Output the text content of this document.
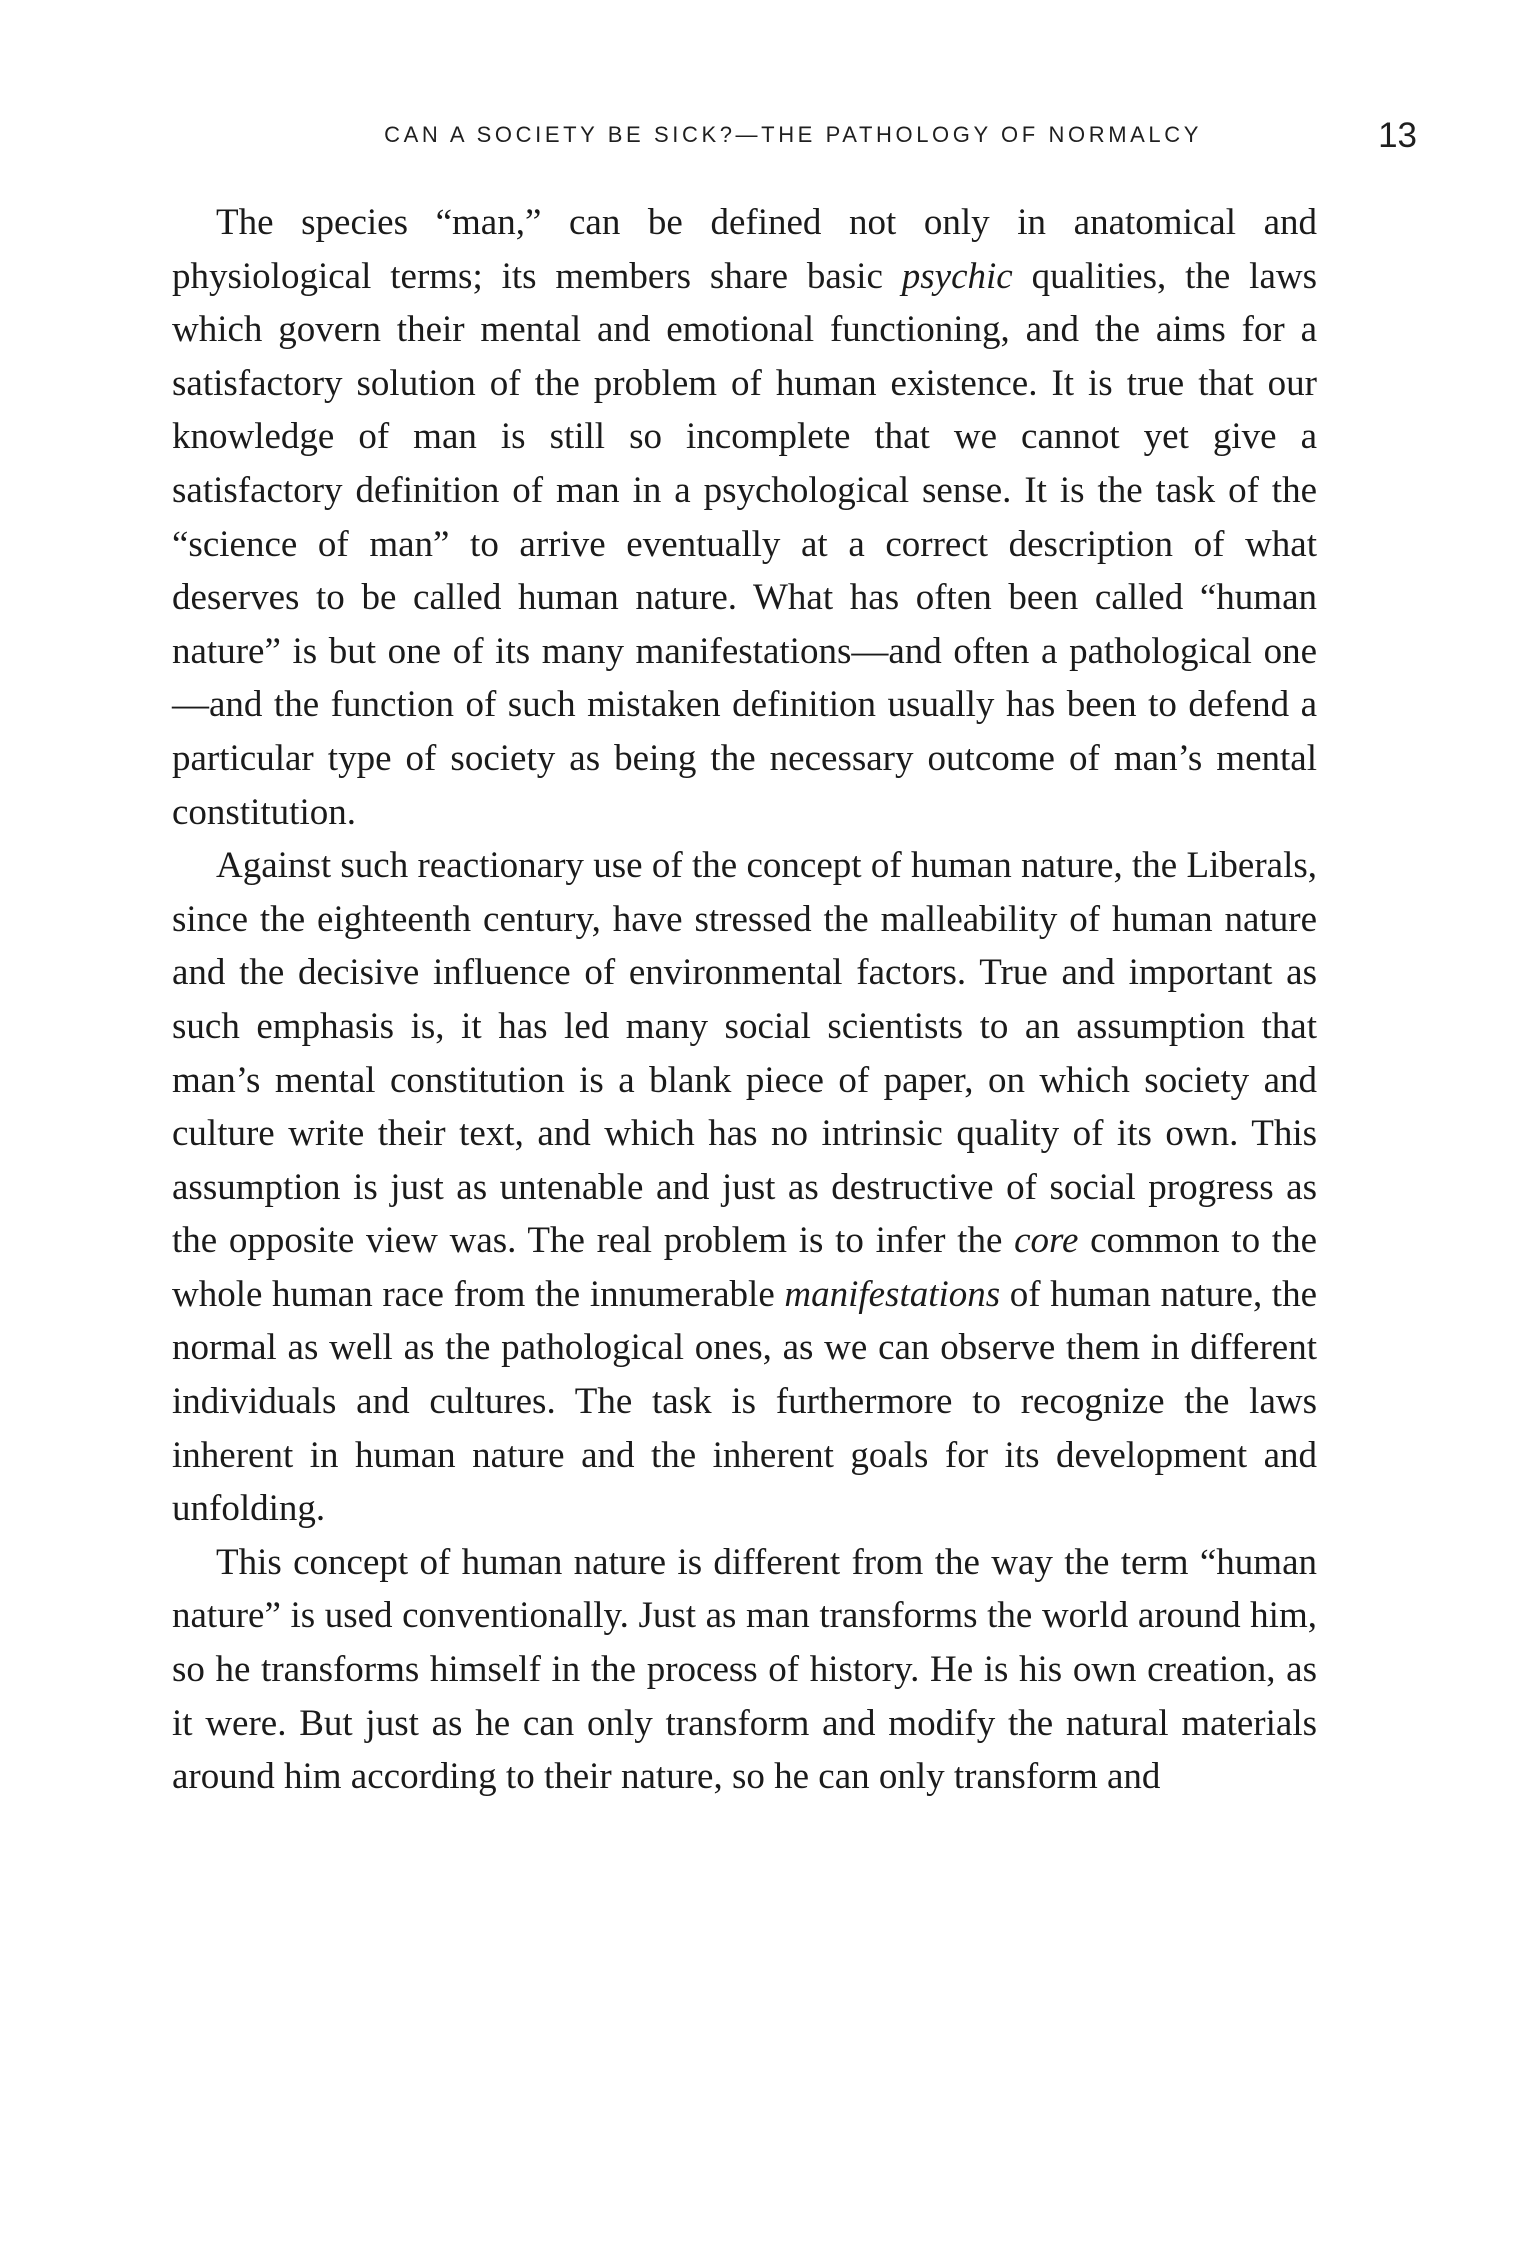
CAN A SOCIETY BE SICK?—THE PATHOLOGY OF NORMALCY	13

The species “man,” can be defined not only in anatomical and physiological terms; its members share basic psychic qualities, the laws which govern their mental and emotional functioning, and the aims for a satisfactory solution of the problem of human existence. It is true that our knowledge of man is still so incomplete that we cannot yet give a satisfactory definition of man in a psychological sense. It is the task of the “science of man” to arrive eventually at a correct description of what deserves to be called human nature. What has often been called “human nature” is but one of its many manifestations—and often a pathological one—and the function of such mistaken definition usually has been to defend a particular type of society as being the necessary outcome of man’s mental constitution.

Against such reactionary use of the concept of human nature, the Liberals, since the eighteenth century, have stressed the malleability of human nature and the decisive influence of environmental factors. True and important as such emphasis is, it has led many social scientists to an assumption that man’s mental constitution is a blank piece of paper, on which society and culture write their text, and which has no intrinsic quality of its own. This assumption is just as untenable and just as destructive of social progress as the opposite view was. The real problem is to infer the core common to the whole human race from the innumerable manifestations of human nature, the normal as well as the pathological ones, as we can observe them in different individuals and cultures. The task is furthermore to recognize the laws inherent in human nature and the inherent goals for its development and unfolding.

This concept of human nature is different from the way the term “human nature” is used conventionally. Just as man transforms the world around him, so he transforms himself in the process of history. He is his own creation, as it were. But just as he can only transform and modify the natural materials around him according to their nature, so he can only transform and
